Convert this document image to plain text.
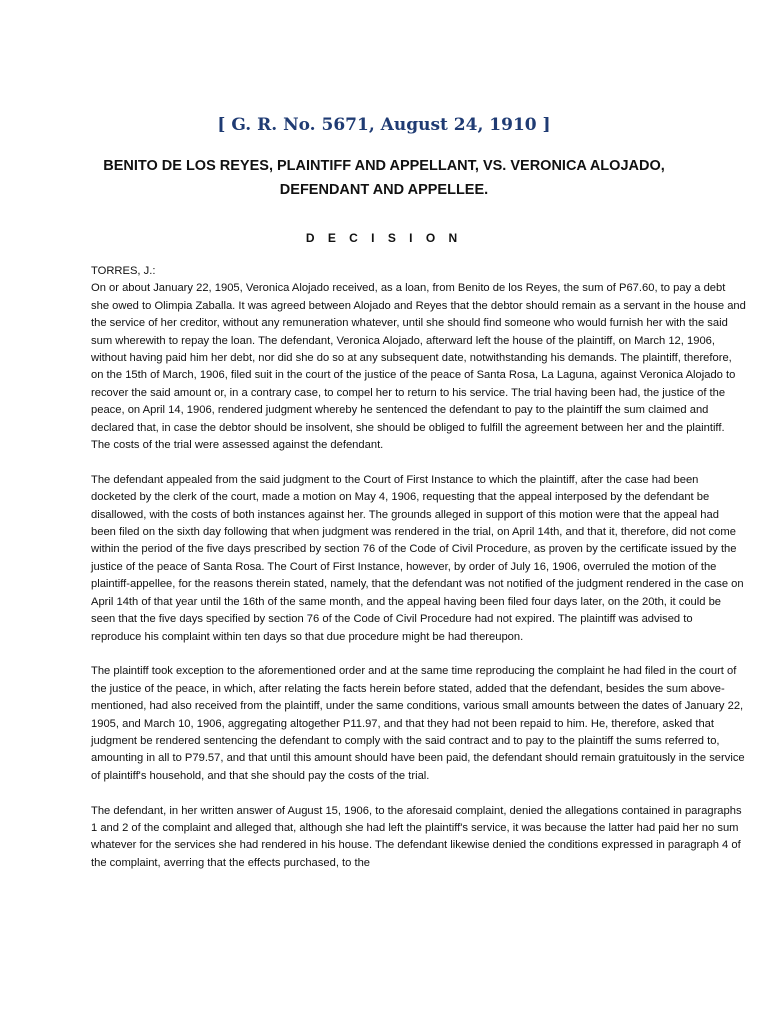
[ G. R. No. 5671, August 24, 1910 ]
BENITO DE LOS REYES, PLAINTIFF AND APPELLANT, VS. VERONICA ALOJADO, DEFENDANT AND APPELLEE.
D E C I S I O N

TORRES, J.:
On or about January 22, 1905, Veronica Alojado received, as a loan, from Benito de los Reyes, the sum of P67.60, to pay a debt she owed to Olimpia Zaballa. It was agreed between Alojado and Reyes that the debtor should remain as a servant in the house and the service of her creditor, without any remuneration whatever, until she should find someone who would furnish her with the said sum wherewith to repay the loan. The defendant, Veronica Alojado, afterward left the house of the plaintiff, on March 12, 1906, without having paid him her debt, nor did she do so at any subsequent date, notwithstanding his demands. The plaintiff, therefore, on the 15th of March, 1906, filed suit in the court of the justice of the peace of Santa Rosa, La Laguna, against Veronica Alojado to recover the said amount or, in a contrary case, to compel her to return to his service. The trial having been had, the justice of the peace, on April 14, 1906, rendered judgment whereby he sentenced the defendant to pay to the plaintiff the sum claimed and declared that, in case the debtor should be insolvent, she should be obliged to fulfill the agreement between her and the plaintiff. The costs of the trial were assessed against the defendant.

The defendant appealed from the said judgment to the Court of First Instance to which the plaintiff, after the case had been docketed by the clerk of the court, made a motion on May 4, 1906, requesting that the appeal interposed by the defendant be disallowed, with the costs of both instances against her. The grounds alleged in support of this motion were that the appeal had been filed on the sixth day following that when judgment was rendered in the trial, on April 14th, and that it, therefore, did not come within the period of the five days prescribed by section 76 of the Code of Civil Procedure, as proven by the certificate issued by the justice of the peace of Santa Rosa. The Court of First Instance, however, by order of July 16, 1906, overruled the motion of the plaintiff-appellee, for the reasons therein stated, namely, that the defendant was not notified of the judgment rendered in the case on April 14th of that year until the 16th of the same month, and the appeal having been filed four days later, on the 20th, it could be seen that the five days specified by section 76 of the Code of Civil Procedure had not expired. The plaintiff was advised to reproduce his complaint within ten days so that due procedure might be had thereupon.

The plaintiff took exception to the aforementioned order and at the same time reproducing the complaint he had filed in the court of the justice of the peace, in which, after relating the facts herein before stated, added that the defendant, besides the sum above-mentioned, had also received from the plaintiff, under the same conditions, various small amounts between the dates of January 22, 1905, and March 10, 1906, aggregating altogether P11.97, and that they had not been repaid to him. He, therefore, asked that judgment be rendered sentencing the defendant to comply with the said contract and to pay to the plaintiff the sums referred to, amounting in all to P79.57, and that until this amount should have been paid, the defendant should remain gratuitously in the service of plaintiff's household, and that she should pay the costs of the trial.

The defendant, in her written answer of August 15, 1906, to the aforesaid complaint, denied the allegations contained in paragraphs 1 and 2 of the complaint and alleged that, although she had left the plaintiff's service, it was because the latter had paid her no sum whatever for the services she had rendered in his house. The defendant likewise denied the conditions expressed in paragraph 4 of the complaint, averring that the effects purchased, to the
